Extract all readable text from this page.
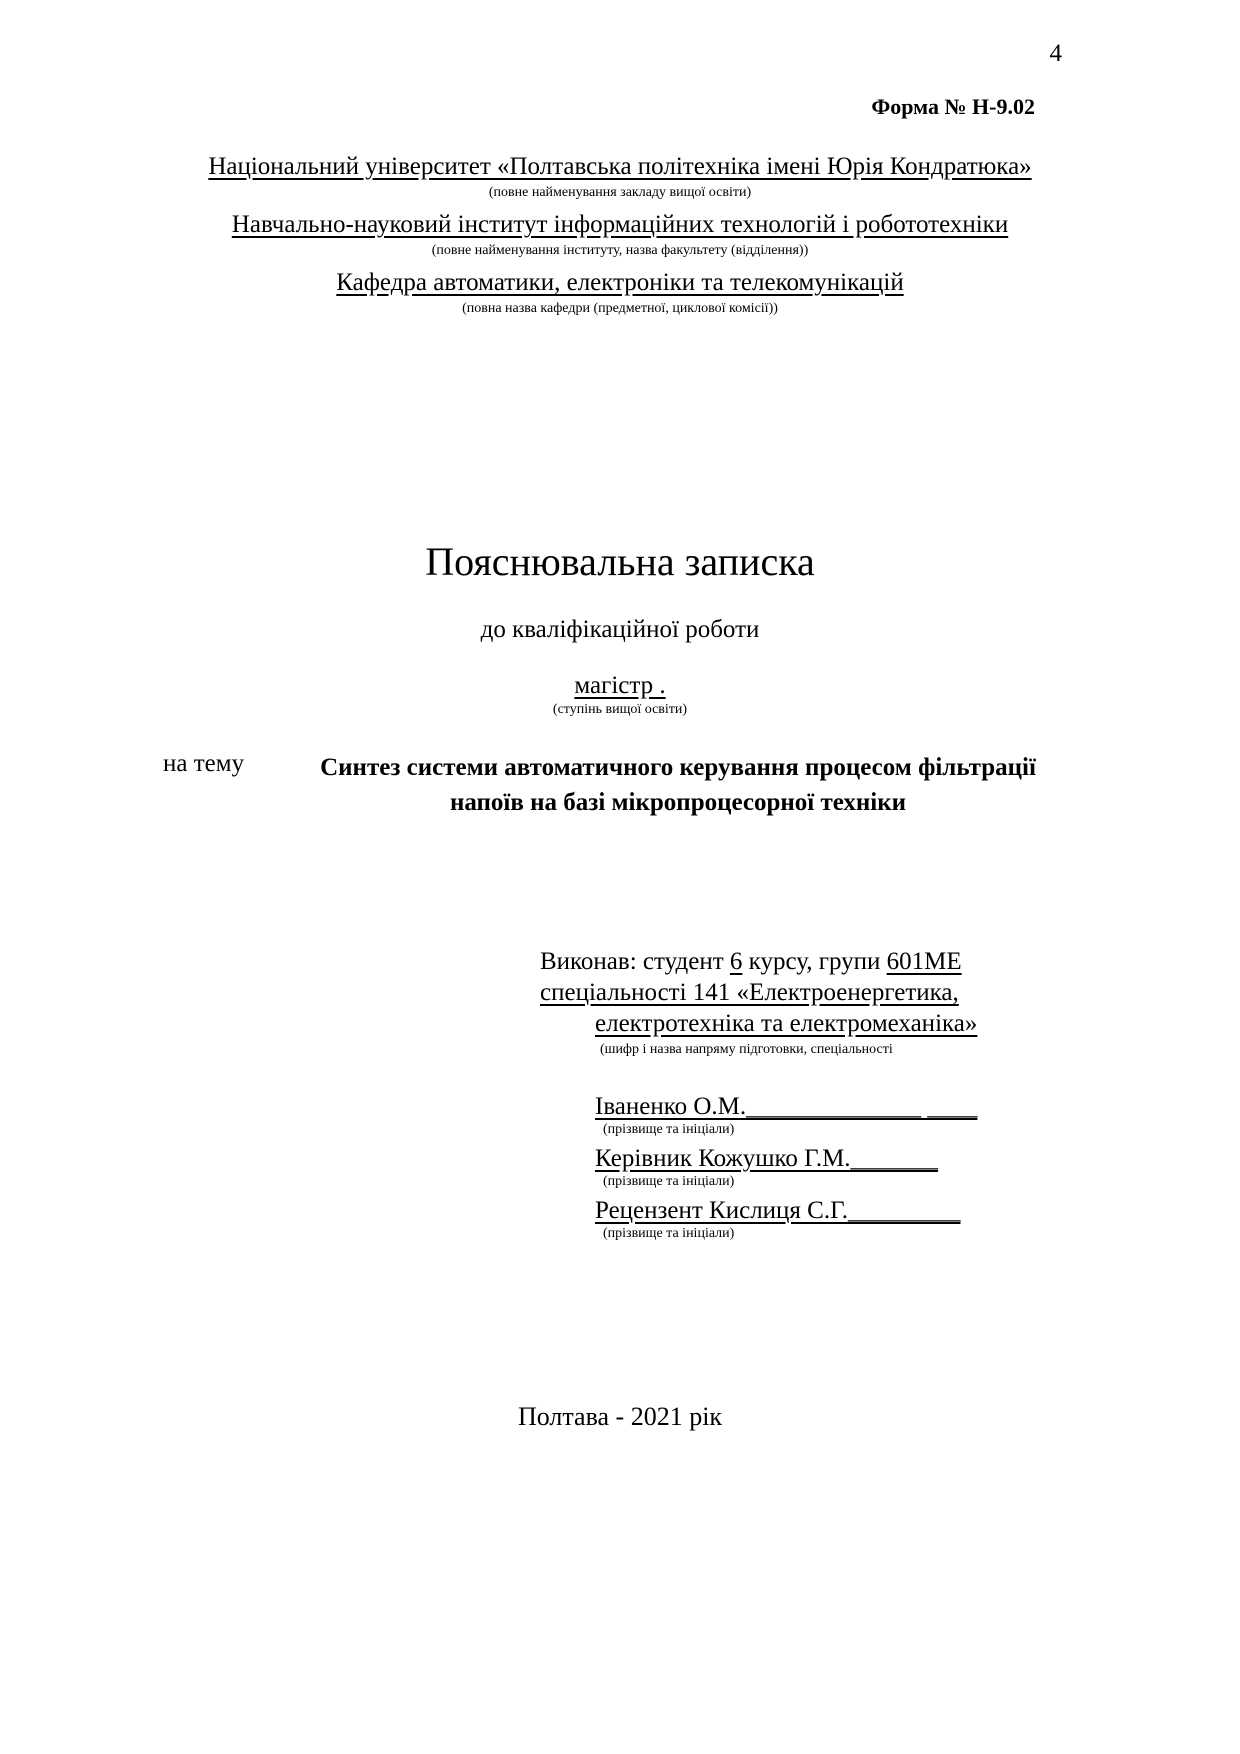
4
Форма № Н-9.02
Національний університет «Полтавська політехніка імені Юрія Кондратюка»
(повне найменування закладу вищої освіти)
Навчально-науковий інститут інформаційних технологій і робототехніки
(повне найменування інституту, назва факультету (відділення))
Кафедра автоматики, електроніки та телекомунікацій
(повна назва кафедри (предметної, циклової комісії))
Пояснювальна записка
до кваліфікаційної роботи
магістр .
(ступінь вищої освіти)
на тему	Синтез системи автоматичного керування процесом фільтрації напоїв на базі мікропроцесорної техніки
Виконав: студент 6 курсу, групи 601МЕ
спеціальності 141 «Електроенергетика,
електротехніка та електромеханіка»
(шифр і назва напряму підготовки, спеціальності
Іваненко О.М.______________ ____
(прізвище та ініціали)
Керівник Кожушко Г.М._______
(прізвище та ініціали)
Рецензент Кислиця С.Г._________
(прізвище та ініціали)
Полтава - 2021 рік
